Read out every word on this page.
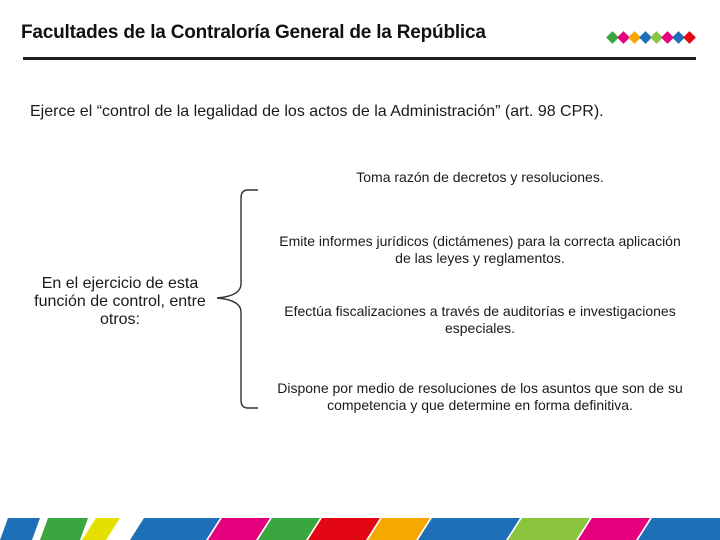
Facultades de la Contraloría General de la República
Ejerce el “control de la legalidad de los actos de la Administración” (art. 98 CPR).
En el ejercicio de esta función de control, entre otros:
Toma razón de decretos y resoluciones.
Emite informes jurídicos (dictámenes) para la correcta aplicación de las leyes y reglamentos.
Efectúa fiscalizaciones a través de auditorías e investigaciones especiales.
Dispone por medio de resoluciones de los asuntos que son de su competencia y que determine en forma definitiva.
